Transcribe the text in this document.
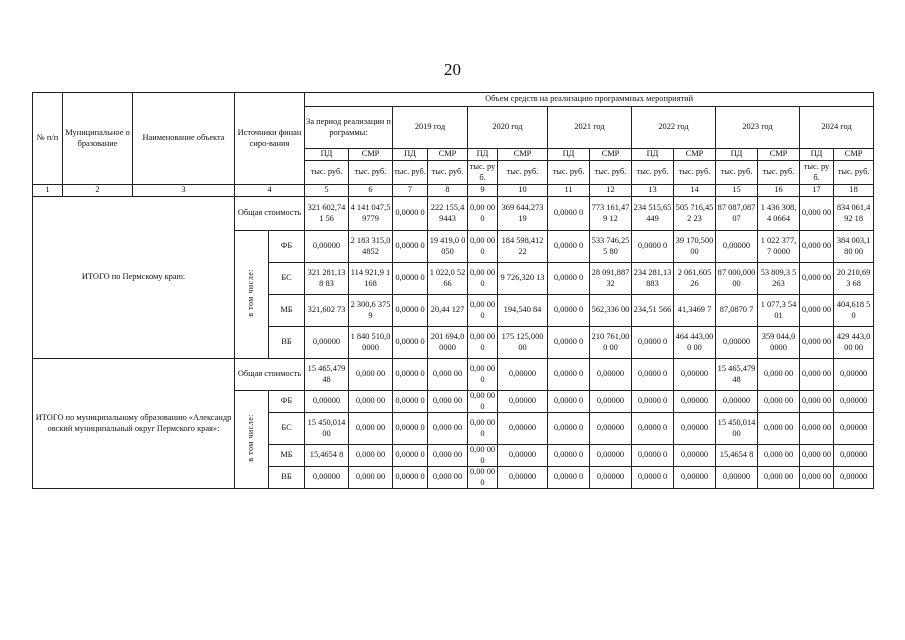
20
№ п/п	Муниципальное образование	Наименование объекта	Источники финансиро-вания		Объем средств на реализацию программных мероприятий													
					За период реализации программы:		2019 год		2020 год		2021 год		2022 год		2023 год		2024 год	
					ПД	СМР	ПД	СМР	ПД	СМР	ПД	СМР	ПД	СМР	ПД	СМР	ПД	СМР
					тыс. руб.	тыс. руб.	тыс. руб.	тыс. руб.	тыс. руб.	тыс. руб.	тыс. руб.	тыс. руб.	тыс. руб.	тыс. руб.	тыс. руб.	тыс. руб.	тыс. руб.	тыс. руб.
1	2	3	4		5	6	7	8	9	10	11	12	13	14	15	16	17	18
ИТОГО по Пермскому краю:			Общая стоимость		321 602,741 56	4 141 047,5 9779	0,0000 0	222 155,4 9443	0,00 000	369 644,273 19	0,0000 0	773 161,479 12	234 515,65 449	505 716,452 23	87 087,087 07	1 436 308,4 0664	0,000 00	834 061,492 18
			в том числе:	ФБ	0,00000	2 183 315,0 4852	0,0000 0	19 419,0 0050	0,00 000	184 598,412 22	0,0000 0	533 746,255 80	0,0000 0	39 170,500 00	0,00000	1 022 377,7 0000	0,000 00	384 003,180 00
				БС	321 281,138 83	114 921,9 1168	0,0000 0	1 022,0 5266	0,00 000	9 726,320 13	0,0000 0	28 091,887 32	234 281,13 883	2 061,605 26	87 000,000 00	53 809,3 5263	0,000 00	20 210,693 68
				МБ	321,602 73	2 300,6 3759	0,0000 0	20,44 127	0,00 000	194,540 84	0,0000 0	562,336 00	234,51 566	41,3469 7	87,0870 7	1 077,3 5401	0,000 00	404,618 50
				ВБ	0,00000	1 840 510,0 0000	0,0000 0	201 694,0 0000	0,00 000	175 125,000 00	0,0000 0	210 761,000 00	0,0000 0	464 443,000 00	0,00000	359 044,0 0000	0,000 00	429 443,000 00
ИТОГО по муниципальному образованию «Александровский муниципальный округ Пермского края»:			Общая стоимость		15 465,479 48	0,000 00	0,0000 0	0,000 00	0,00 000	0,00000	0,0000 0	0,00000	0,0000 0	0,00000	15 465,479 48	0,000 00	0,000 00	0,00000
			в том числе:	ФБ	0,00000	0,000 00	0,0000 0	0,000 00	0,00 000	0,00000	0,0000 0	0,00000	0,0000 0	0,00000	0,00000	0,000 00	0,000 00	0,00000
				БС	15 450,014 00	0,000 00	0,0000 0	0,000 00	0,00 000	0,00000	0,0000 0	0,00000	0,0000 0	0,00000	15 450,014 00	0,000 00	0,000 00	0,00000
				МБ	15,4654 8	0,000 00	0,0000 0	0,000 00	0,00 000	0,00000	0,0000 0	0,00000	0,0000 0	0,00000	15,4654 8	0,000 00	0,000 00	0,00000
				ВБ	0,00000	0,000 00	0,0000 0	0,000 00	0,00 000	0,00000	0,0000 0	0,00000	0,0000 0	0,00000	0,00000	0,000 00	0,000 00	0,00000
